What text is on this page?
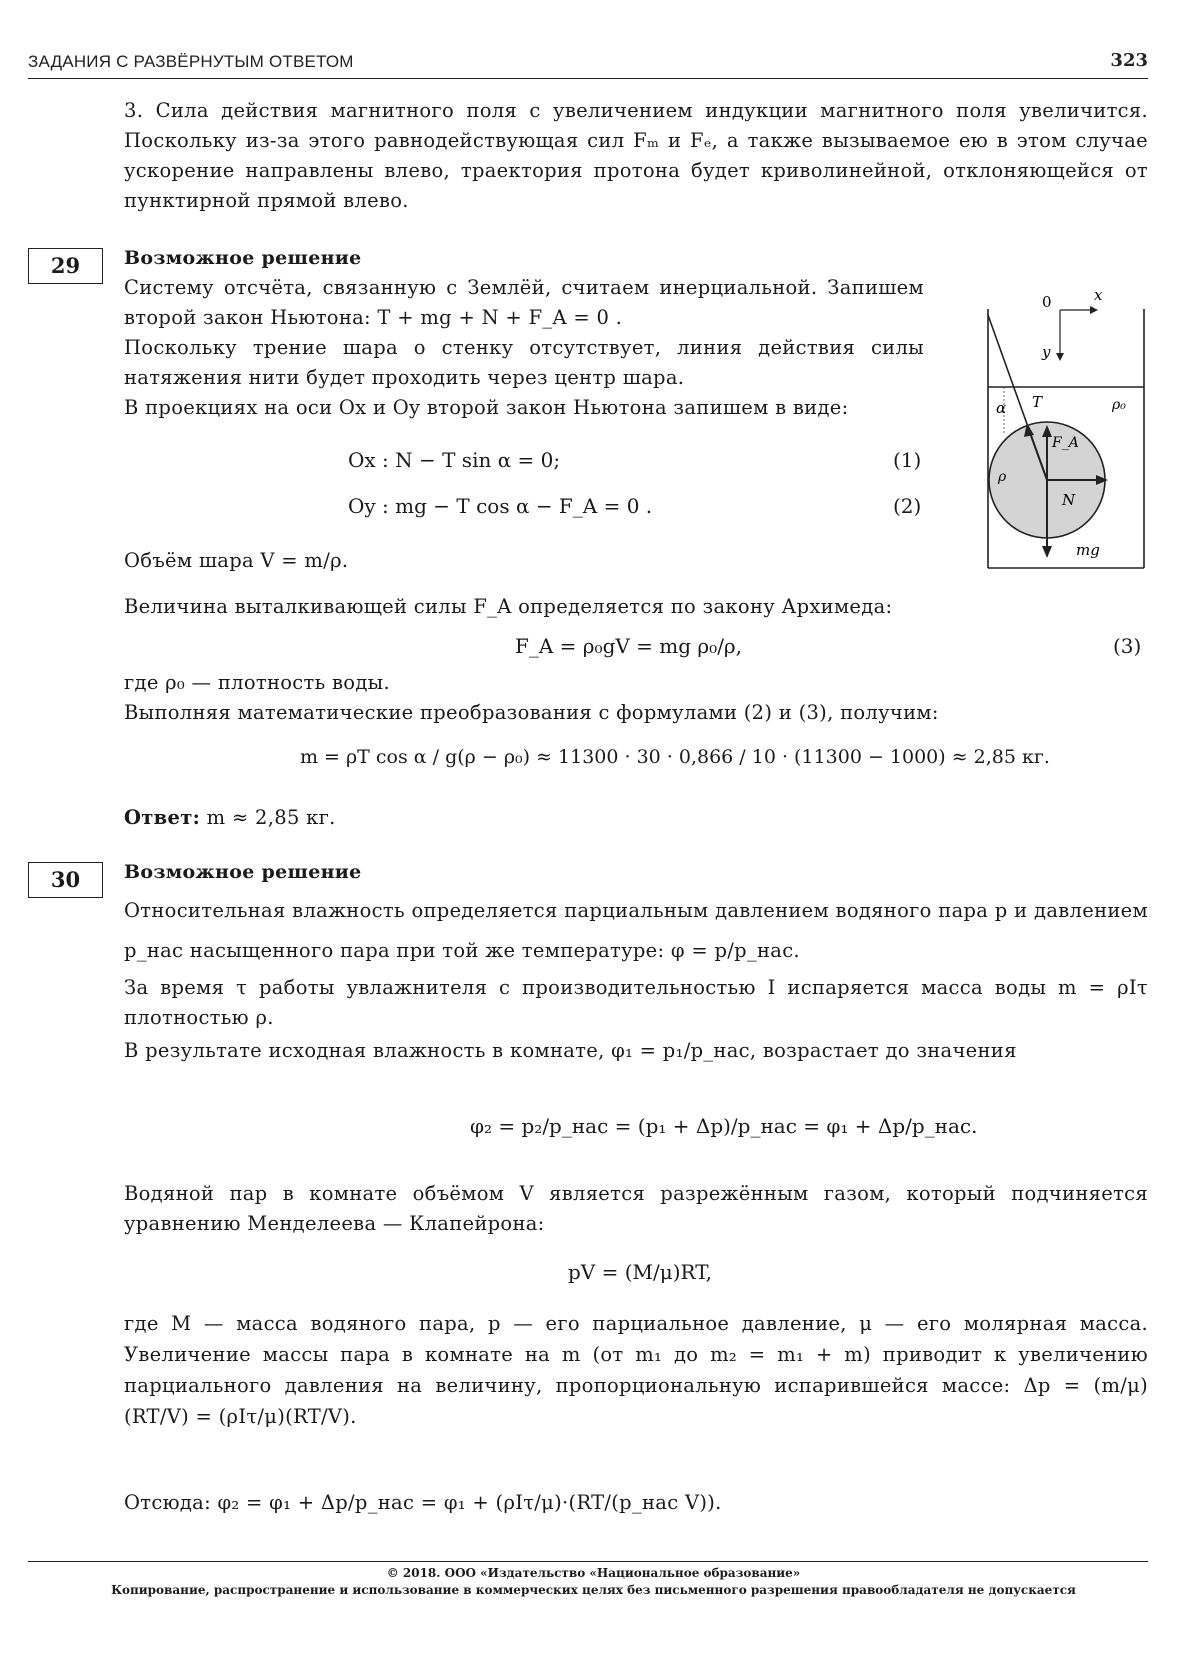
ЗАДАНИЯ С РАЗВЁРНУТЫМ ОТВЕТОМ	323

3. Сила действия магнитного поля с увеличением индукции магнитного поля увеличится. Поскольку из-за этого равнодействующая сил Fₘ и Fₑ, а также вызываемое ею в этом случае ускорение направлены влево, траектория протона будет криволинейной, отклоняющейся от пунктирной прямой влево.

29	Возможное решение

Систему отсчёта, связанную с Землёй, считаем инерциальной. Запишем второй закон Ньютона: T + mg + N + F_A = 0 .

Поскольку трение шара о стенку отсутствует, линия действия силы натяжения нити будет проходить через центр шара.

В проекциях на оси Ox и Oy второй закон Ньютона запишем в виде:

Ox : N − T sin α = 0;	(1)
Oy : mg − T cos α − F_A = 0 .	(2)

Объём шара V = m/ρ.

Величина выталкивающей силы F_A определяется по закону Архимеда:

F_A = ρ₀gV = mg ρ₀/ρ,	(3)

где ρ₀ — плотность воды.

Выполняя математические преобразования с формулами (2) и (3), получим:

m = ρT cos α / g(ρ − ρ₀) ≈ 11300 · 30 · 0,866 / 10 · (11300 − 1000) ≈ 2,85 кг.

Ответ: m ≈ 2,85 кг.

0	x
y
α T
F_A
N
mg
ρ₀
ρ
30	Возможное решение

Относительная влажность определяется парциальным давлением водяного пара p и давлением p_нас насыщенного пара при той же температуре: φ = p/p_нас.

За время τ работы увлажнителя с производительностью I испаряется масса воды m = ρIτ плотностью ρ.

В результате исходная влажность в комнате, φ₁ = p₁/p_нас, возрастает до значения

φ₂ = p₂/p_нас = (p₁ + Δp)/p_нас = φ₁ + Δp/p_нас.

Водяной пар в комнате объёмом V является разрежённым газом, который подчиняется уравнению Менделеева — Клапейрона:

pV = (M/μ)RT,

где M — масса водяного пара, p — его парциальное давление, μ — его молярная масса. Увеличение массы пара в комнате на m (от m₁ до m₂ = m₁ + m) приводит к увеличению парциального давления на величину, пропорциональную испарившейся массе: Δp = (m/μ)(RT/V) = (ρIτ/μ)(RT/V).

Отсюда: φ₂ = φ₁ + Δp/p_нас = φ₁ + (ρIτ/μ)·(RT/(p_нас V)).

© 2018. ООО «Издательство «Национальное образование»
Копирование, распространение и использование в коммерческих целях без письменного разрешения правообладателя не допускается
